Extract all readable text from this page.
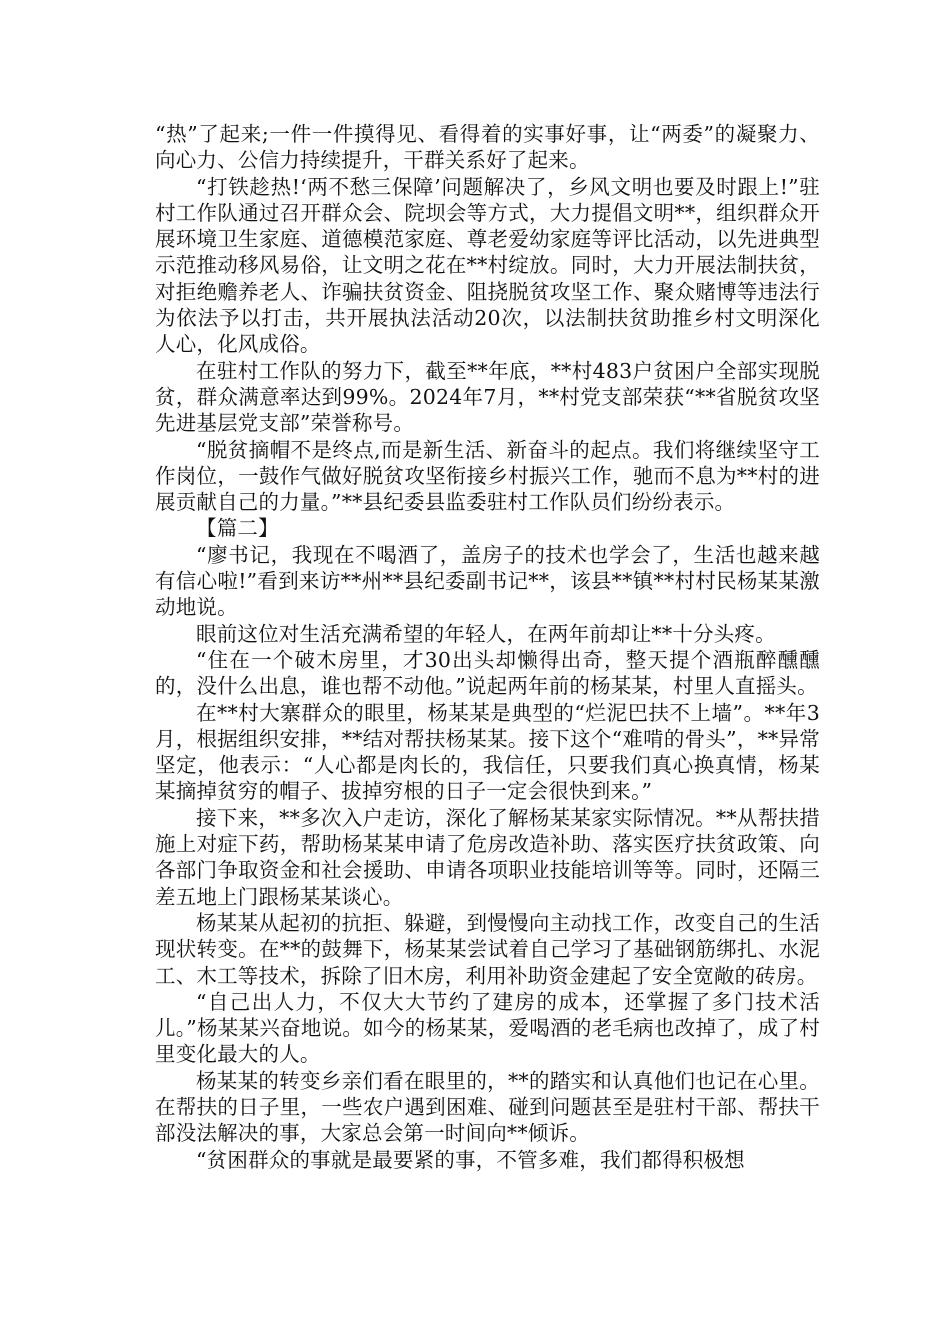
“热”了起来;一件一件摸得见、看得着的实事好事，让“两委”的凝聚力、向心力、公信力持续提升，干群关系好了起来。

“打铁趁热!‘两不愁三保障’问题解决了，乡风文明也要及时跟上!”驻村工作队通过召开群众会、院坝会等方式，大力提倡文明**，组织群众开展环境卫生家庭、道德模范家庭、尊老爱幼家庭等评比活动，以先进典型示范推动移风易俗，让文明之花在**村绽放。同时，大力开展法制扶贫，对拒绝赡养老人、诈骗扶贫资金、阻挠脱贫攻坚工作、聚众赌博等违法行为依法予以打击，共开展执法活动20次，以法制扶贫助推乡村文明深化人心，化风成俗。

在驻村工作队的努力下，截至**年底，**村483户贫困户全部实现脱贫，群众满意率达到99%。2024年7月，**村党支部荣获“**省脱贫攻坚先进基层党支部”荣誉称号。

“脱贫摘帽不是终点,而是新生活、新奋斗的起点。我们将继续坚守工作岗位，一鼓作气做好脱贫攻坚衔接乡村振兴工作，驰而不息为**村的进展贡献自己的力量。”**县纪委县监委驻村工作队员们纷纷表示。

【篇二】

“廖书记，我现在不喝酒了，盖房子的技术也学会了，生活也越来越有信心啦!”看到来访**州**县纪委副书记**，该县**镇**村村民杨某某激动地说。

眼前这位对生活充满希望的年轻人，在两年前却让**十分头疼。

“住在一个破木房里，才30出头却懒得出奇，整天提个酒瓶醉醺醺的，没什么出息，谁也帮不动他。”说起两年前的杨某某，村里人直摇头。

在**村大寨群众的眼里，杨某某是典型的“烂泥巴扶不上墙”。**年3月，根据组织安排，**结对帮扶杨某某。接下这个“难啃的骨头”，**异常坚定，他表示：“人心都是肉长的，我信任，只要我们真心换真情，杨某某摘掉贫穷的帽子、拔掉穷根的日子一定会很快到来。”

接下来，**多次入户走访，深化了解杨某某家实际情况。**从帮扶措施上对症下药，帮助杨某某申请了危房改造补助、落实医疗扶贫政策、向各部门争取资金和社会援助、申请各项职业技能培训等等。同时，还隔三差五地上门跟杨某某谈心。

杨某某从起初的抗拒、躲避，到慢慢向主动找工作，改变自己的生活现状转变。在**的鼓舞下，杨某某尝试着自己学习了基础钢筋绑扎、水泥工、木工等技术，拆除了旧木房，利用补助资金建起了安全宽敞的砖房。

“自己出人力，不仅大大节约了建房的成本，还掌握了多门技术活儿。”杨某某兴奋地说。如今的杨某某，爱喝酒的老毛病也改掉了，成了村里变化最大的人。

杨某某的转变乡亲们看在眼里的，**的踏实和认真他们也记在心里。在帮扶的日子里，一些农户遇到困难、碰到问题甚至是驻村干部、帮扶干部没法解决的事，大家总会第一时间向**倾诉。

“贫困群众的事就是最要紧的事，不管多难，我们都得积极想
